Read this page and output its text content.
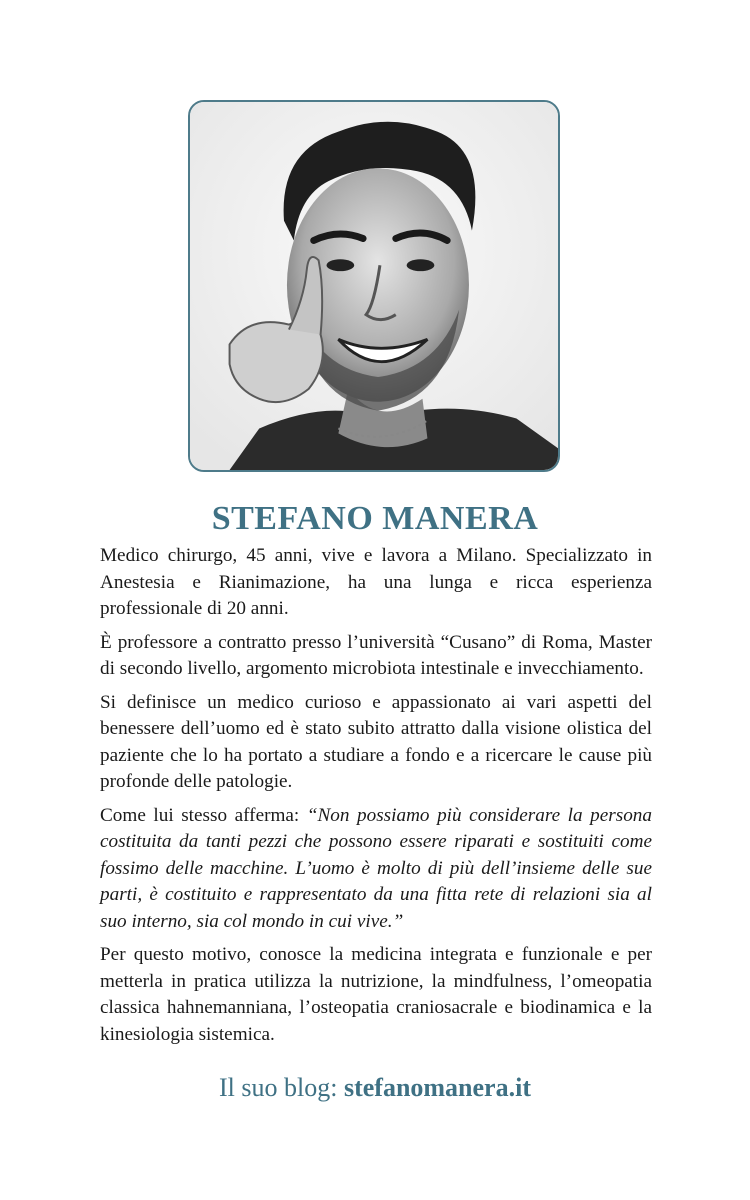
STEFANO MANERA

Medico chirurgo, 45 anni, vive e lavora a Milano. Specializzato in Anestesia e Rianimazione, ha una lunga e ricca esperienza professionale di 20 anni.

È professore a contratto presso l’università “Cusano” di Roma, Master di secondo livello, argomento microbiota intestinale e invecchiamento.

Si definisce un medico curioso e appassionato ai vari aspetti del benessere dell’uomo ed è stato subito attratto dalla visione olistica del paziente che lo ha portato a studiare a fondo e a ricercare le cause più profonde delle patologie.

Come lui stesso afferma: “Non possiamo più considerare la persona costituita da tanti pezzi che possono essere riparati e sostituiti come fossimo delle macchine. L’uomo è molto di più dell’insieme delle sue parti, è costituito e rappresentato da una fitta rete di relazioni sia al suo interno, sia col mondo in cui vive.”

Per questo motivo, conosce la medicina integrata e funzionale e per metterla in pratica utilizza la nutrizione, la mindfulness, l’omeopatia classica hahnemanniana, l’osteopatia craniosacrale e biodinamica e la kinesiologia sistemica.

Il suo blog: stefanomanera.it
